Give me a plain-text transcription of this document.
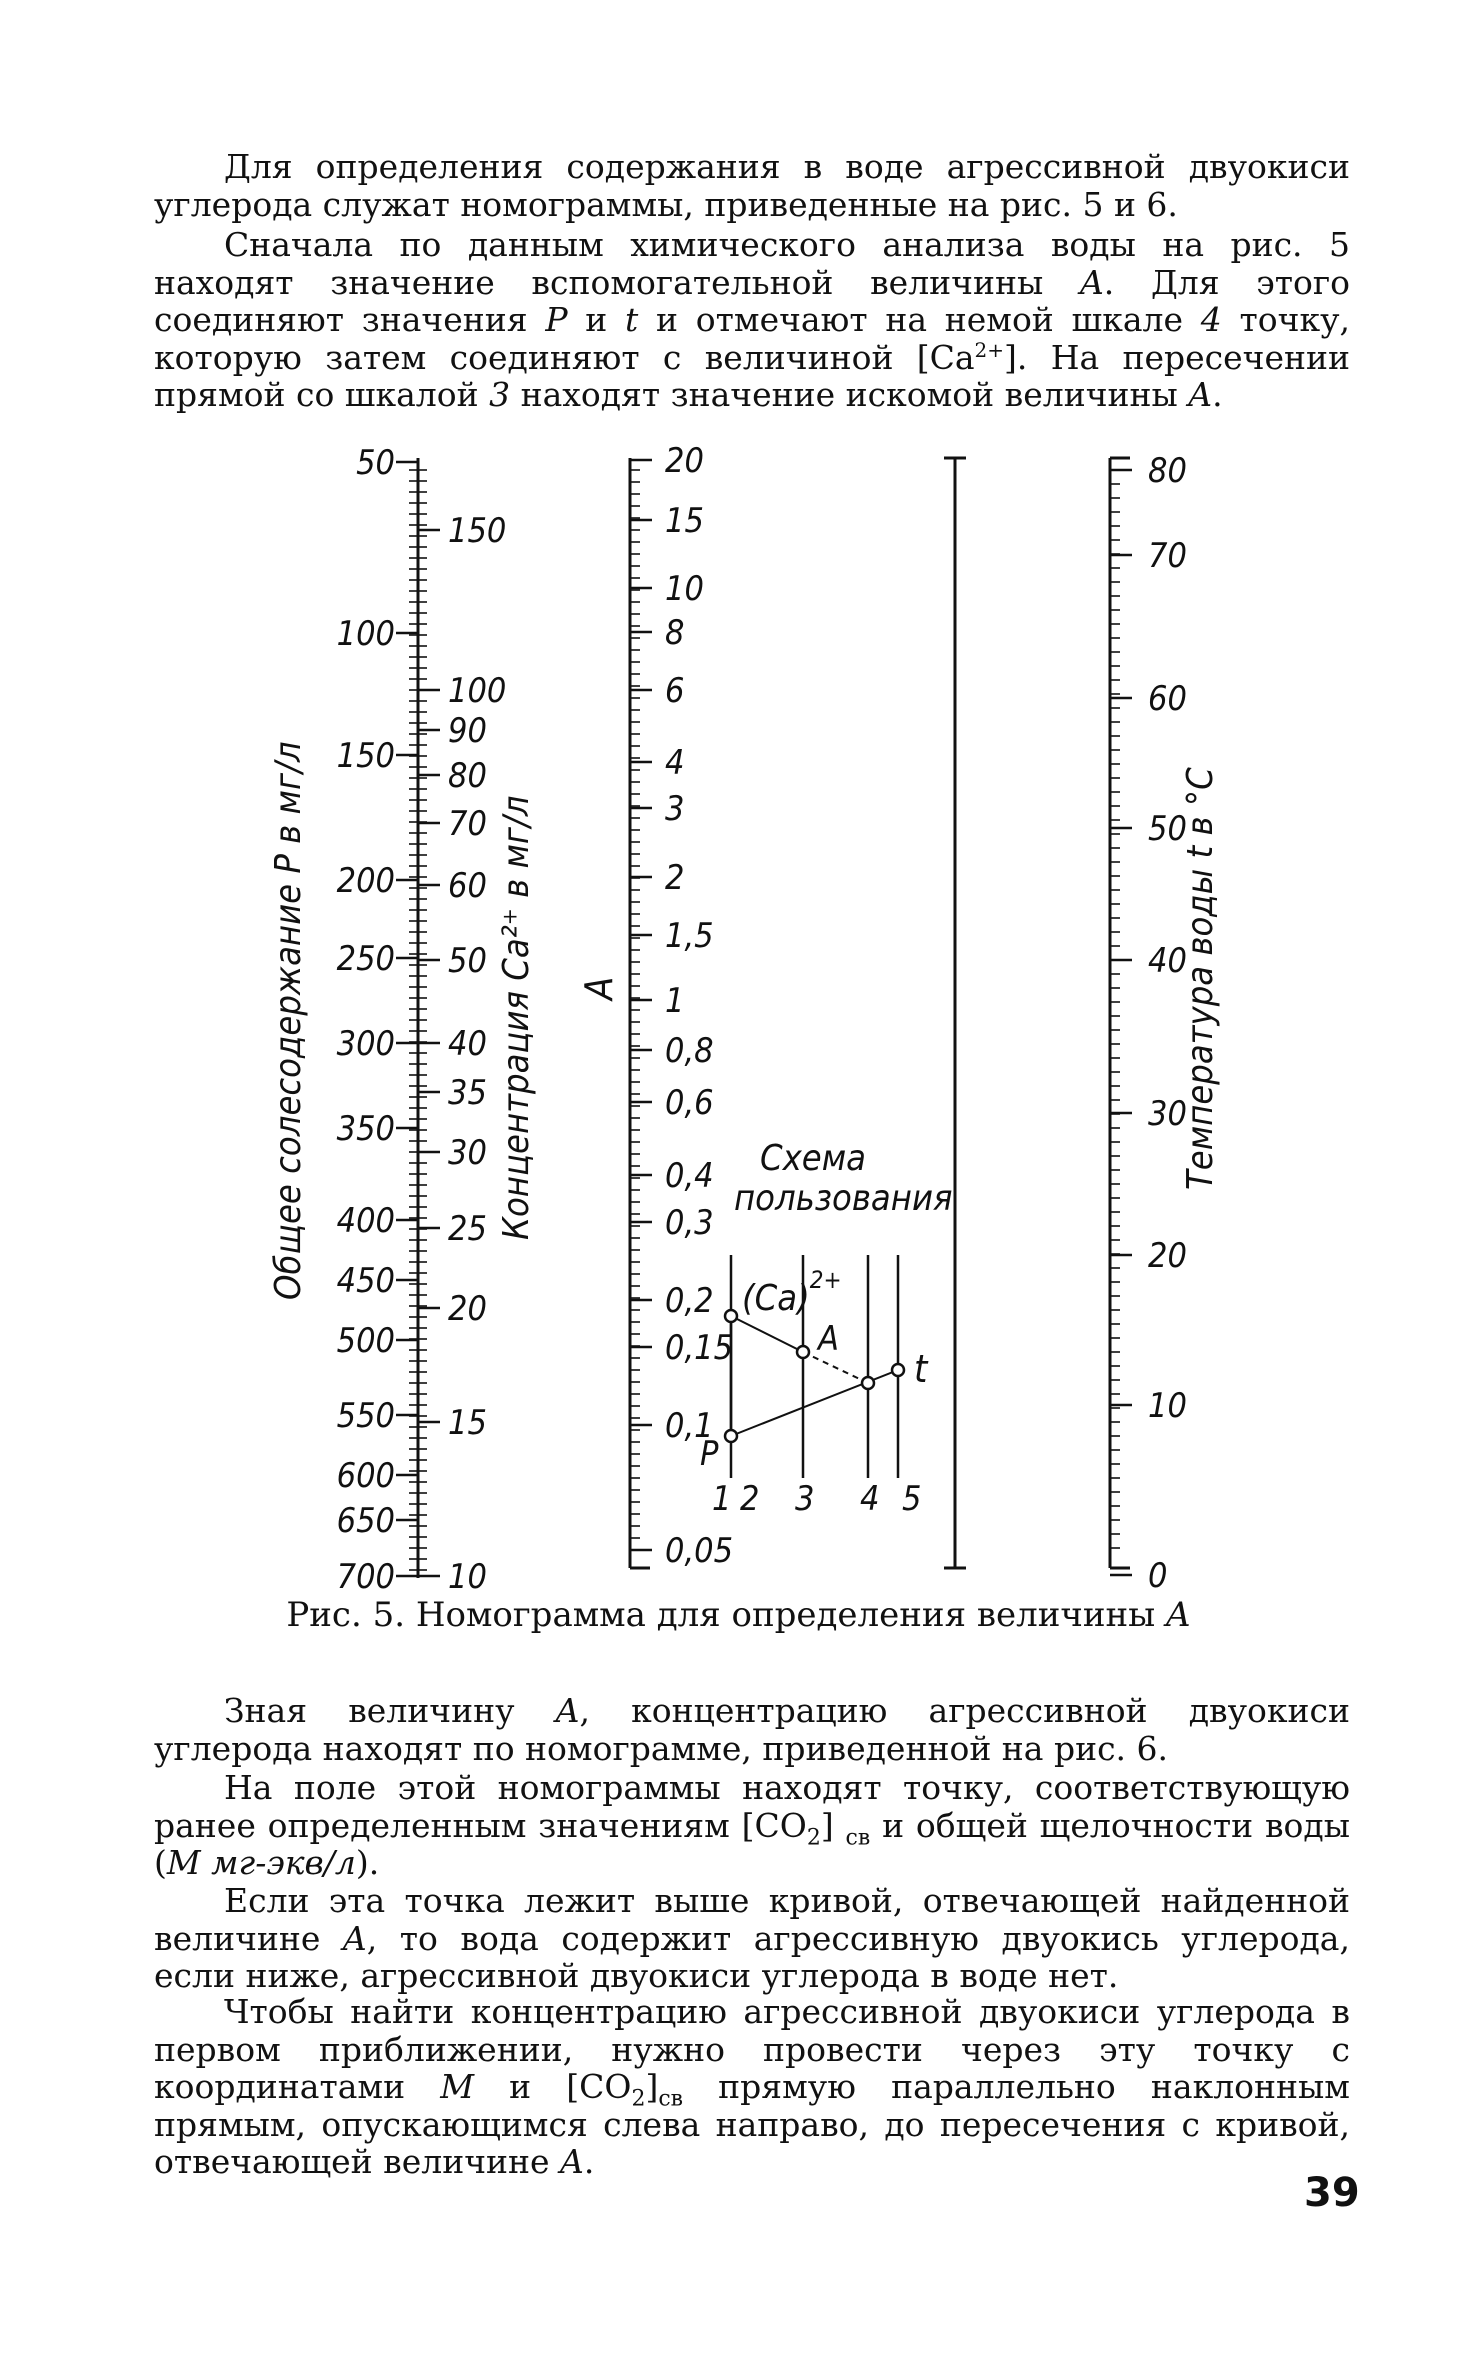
Для определения содержания в воде агрессивной двуокиси углерода служат номограммы, приведенные на рис. 5 и 6.

Сначала по данным химического анализа воды на рис. 5 находят значение вспомогательной величины A. Для этого соединяют значения P и t и отмечают на немой шкале 4 точку, которую затем соединяют с величиной $[Ca^{2+}]$. На пересечении прямой со шкалой 3 находят значение искомой величины A.

50
100
150
200
250
300
350
400
450
500
550
600
650
700
150
100
90
80
70
60
50
40
35
30
25
20
15
10
20
15
10
8
6
4
3
2
1,5
1
0,8
0,6
0,4
0,3
0,2
0,15
0,1
0,05
80
70
60
50
40
30
20
10
0
Общее солесодержание P в мг/л	Концентрация Ca²⁺ в мг/л A	Температура воды t в °C
Схема
пользования
$(Ca)^{2+}$
A
t
P
1 2 3 4 5
Рис. 5. Номограмма для определения величины A

Зная величину A, концентрацию агрессивной двуокиси углерода находят по номограмме, приведенной на рис. 6.

На поле этой номограммы находят точку, соответствующую ранее определенным значениям $[CO_2]$ $_{св}$ и общей щелочности воды (M мг-экв/л).

Если эта точка лежит выше кривой, отвечающей найденной величине A, то вода содержит агрессивную двуокись углерода, если ниже, агрессивной двуокиси углерода в воде нет.

Чтобы найти концентрацию агрессивной двуокиси углерода в первом приближении, нужно провести через эту точку с координатами M и $[CO_2]_{св}$ прямую параллельно наклонным прямым, опускающимся слева направо, до пересечения с кривой, отвечающей величине A.

39
